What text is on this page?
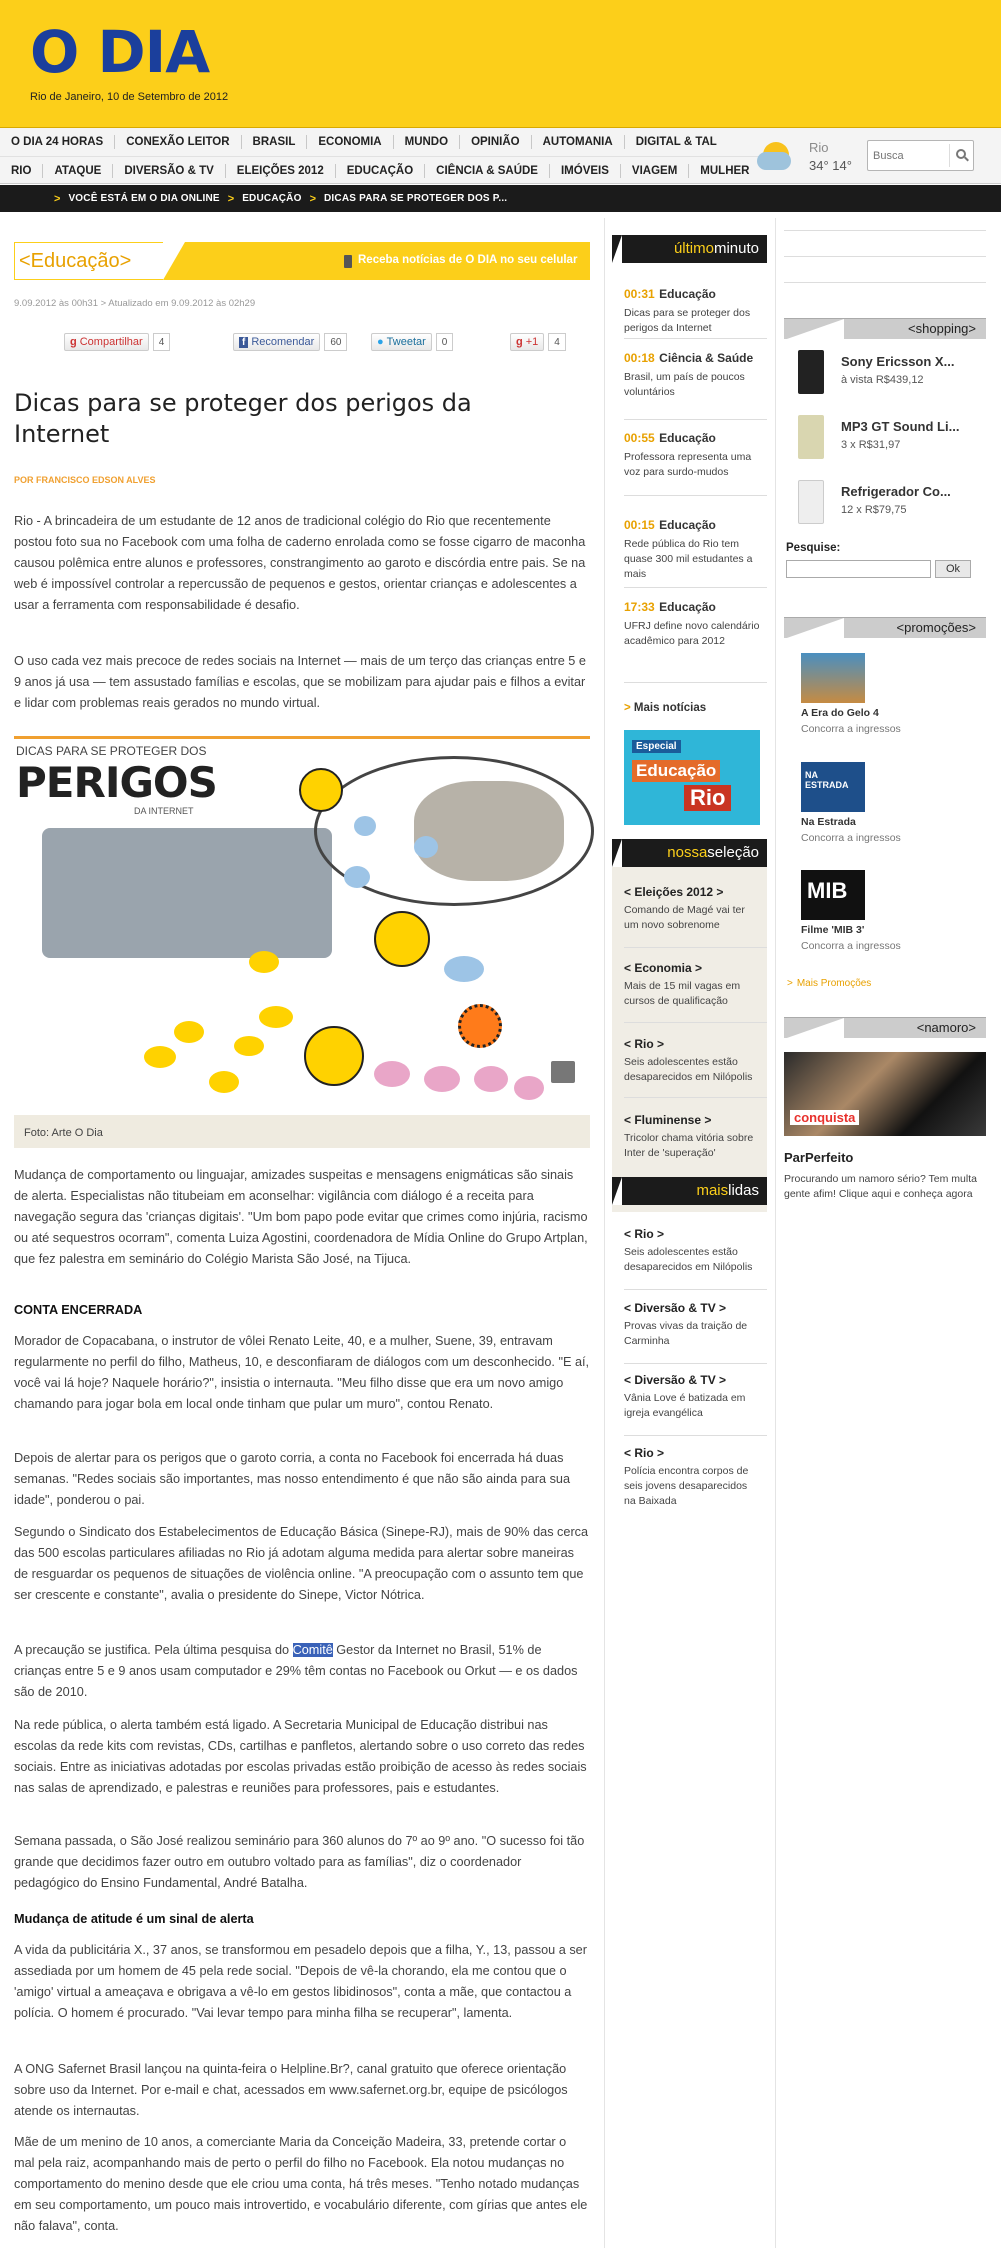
O DIA
Rio de Janeiro, 10 de Setembro de 2012
O DIA 24 HORAS	CONEXÃO LEITOR	BRASIL	ECONOMIA	MUNDO	OPINIÃO	AUTOMANIA	DIGITAL & TAL
RIO	ATAQUE	DIVERSÃO & TV	ELEIÇÕES 2012	EDUCAÇÃO	CIÊNCIA & SAÚDE	IMÓVEIS	VIAGEM	MULHER
Rio
34° 14°
Busca
> VOCÊ ESTÁ EM O DIA ONLINE > EDUCAÇÃO > DICAS PARA SE PROTEGER DOS P...
<Educação>	Receba notícias de O DIA no seu celular
9.09.2012 às 00h31 > Atualizado em 9.09.2012 às 02h29
g Compartilhar	4	f Recomendar	60	● Tweetar	0	g +1	4
Dicas para se proteger dos perigos da Internet
POR FRANCISCO EDSON ALVES

Rio - A brincadeira de um estudante de 12 anos de tradicional colégio do Rio que recentemente postou foto sua no Facebook com uma folha de caderno enrolada como se fosse cigarro de maconha causou polêmica entre alunos e professores, constrangimento ao garoto e discórdia entre pais. Se na web é impossível controlar a repercussão de pequenos e gestos, orientar crianças e adolescentes a usar a ferramenta com responsabilidade é desafio.

O uso cada vez mais precoce de redes sociais na Internet — mais de um terço das crianças entre 5 e 9 anos já usa — tem assustado famílias e escolas, que se mobilizam para ajudar pais e filhos a evitar e lidar com problemas reais gerados no mundo virtual.

DICAS PARA SE PROTEGER DOS
PERIGOS
DA INTERNET
Foto: Arte O Dia

Mudança de comportamento ou linguajar, amizades suspeitas e mensagens enigmáticas são sinais de alerta. Especialistas não titubeiam em aconselhar: vigilância com diálogo é a receita para navegação segura das 'crianças digitais'. "Um bom papo pode evitar que crimes como injúria, racismo ou até sequestros ocorram", comenta Luiza Agostini, coordenadora de Mídia Online do Grupo Artplan, que fez palestra em seminário do Colégio Marista São José, na Tijuca.

CONTA ENCERRADA

Morador de Copacabana, o instrutor de vôlei Renato Leite, 40, e a mulher, Suene, 39, entravam regularmente no perfil do filho, Matheus, 10, e desconfiaram de diálogos com um desconhecido. "E aí, você vai lá hoje? Naquele horário?", insistia o internauta. "Meu filho disse que era um novo amigo chamando para jogar bola em local onde tinham que pular um muro", contou Renato.

Depois de alertar para os perigos que o garoto corria, a conta no Facebook foi encerrada há duas semanas. "Redes sociais são importantes, mas nosso entendimento é que não são ainda para sua idade", ponderou o pai.

Segundo o Sindicato dos Estabelecimentos de Educação Básica (Sinepe-RJ), mais de 90% das cerca das 500 escolas particulares afiliadas no Rio já adotam alguma medida para alertar sobre maneiras de resguardar os pequenos de situações de violência online. "A preocupação com o assunto tem que ser crescente e constante", avalia o presidente do Sinepe, Victor Nótrica.

A precaução se justifica. Pela última pesquisa do Comitê Gestor da Internet no Brasil, 51% de crianças entre 5 e 9 anos usam computador e 29% têm contas no Facebook ou Orkut — e os dados são de 2010.

Na rede pública, o alerta também está ligado. A Secretaria Municipal de Educação distribui nas escolas da rede kits com revistas, CDs, cartilhas e panfletos, alertando sobre o uso correto das redes sociais. Entre as iniciativas adotadas por escolas privadas estão proibição de acesso às redes sociais nas salas de aprendizado, e palestras e reuniões para professores, pais e estudantes.

Semana passada, o São José realizou seminário para 360 alunos do 7º ao 9º ano. "O sucesso foi tão grande que decidimos fazer outro em outubro voltado para as famílias", diz o coordenador pedagógico do Ensino Fundamental, André Batalha.

Mudança de atitude é um sinal de alerta

A vida da publicitária X., 37 anos, se transformou em pesadelo depois que a filha, Y., 13, passou a ser assediada por um homem de 45 pela rede social. "Depois de vê-la chorando, ela me contou que o 'amigo' virtual a ameaçava e obrigava a vê-lo em gestos libidinosos", conta a mãe, que contactou a polícia. O homem é procurado. "Vai levar tempo para minha filha se recuperar", lamenta.

A ONG Safernet Brasil lançou na quinta-feira o Helpline.Br?, canal gratuito que oferece orientação sobre uso da Internet. Por e-mail e chat, acessados em www.safernet.org.br, equipe de psicólogos atende os internautas.

Mãe de um menino de 10 anos, a comerciante Maria da Conceição Madeira, 33, pretende cortar o mal pela raiz, acompanhando mais de perto o perfil do filho no Facebook. Ela notou mudanças no comportamento do menino desde que ele criou uma conta, há três meses. "Tenho notado mudanças em seu comportamento, um pouco mais introvertido, e vocabulário diferente, com gírias que antes ele não falava", conta.

últimominuto
00:31 Educação
Dicas para se proteger dos perigos da Internet
00:18 Ciência & Saúde
Brasil, um país de poucos voluntários
00:55 Educação
Professora representa uma voz para surdo-mudos
00:15 Educação
Rede pública do Rio tem quase 300 mil estudantes a mais
17:33 Educação
UFRJ define novo calendário acadêmico para 2012
> Mais notícias
Especial
Educação
Rio
nossaseleção
< Eleições 2012 >
Comando de Magé vai ter um novo sobrenome
< Economia >
Mais de 15 mil vagas em cursos de qualificação
< Rio >
Seis adolescentes estão desaparecidos em Nilópolis
< Fluminense >
Tricolor chama vitória sobre Inter de 'superação'
maislidas
< Rio >
Seis adolescentes estão desaparecidos em Nilópolis
< Diversão & TV >
Provas vivas da traição de Carminha
< Diversão & TV >
Vânia Love é batizada em igreja evangélica
< Rio >
Polícia encontra corpos de seis jovens desaparecidos na Baixada
<shopping>
Sony Ericsson X...
à vista R$439,12
MP3 GT Sound Li...
3 x R$31,97
Refrigerador Co...
12 x R$79,75
Pesquise:
Ok
<promoções>
A Era do Gelo 4
Concorra a ingressos
NA ESTRADA
Na Estrada
Concorra a ingressos
MIB
Filme 'MIB 3'
Concorra a ingressos
> Mais Promoções
<namoro>
conquista
ParPerfeito
Procurando um namoro sério? Tem multa gente afim! Clique aqui e conheça agora
